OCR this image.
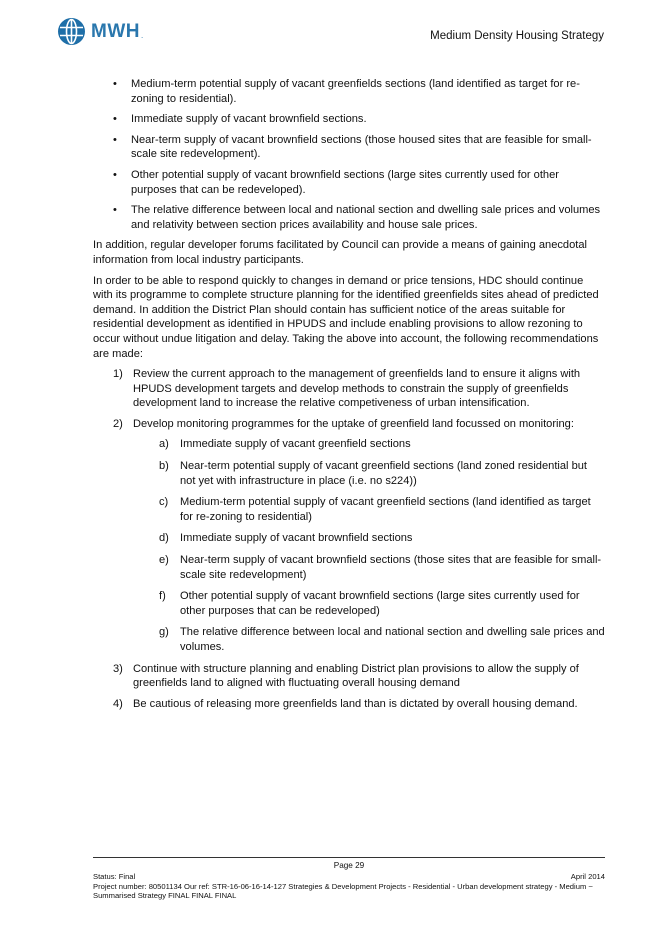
MWH .	Medium Density Housing Strategy
• Medium-term potential supply of vacant greenfields sections (land identified as target for re-zoning to residential).
• Immediate supply of vacant brownfield sections.
• Near-term supply of vacant brownfield sections (those housed sites that are feasible for small-scale site redevelopment).
• Other potential supply of vacant brownfield sections (large sites currently used for other purposes that can be redeveloped).
• The relative difference between local and national section and dwelling sale prices and volumes and relativity between section prices availability and house sale prices.

In addition, regular developer forums facilitated by Council can provide a means of gaining anecdotal information from local industry participants.

In order to be able to respond quickly to changes in demand or price tensions, HDC should continue with its programme to complete structure planning for the identified greenfields sites ahead of predicted demand. In addition the District Plan should contain has sufficient notice of the areas suitable for residential development as identified in HPUDS and include enabling provisions to allow rezoning to occur without undue litigation and delay. Taking the above into account, the following recommendations are made:

1) Review the current approach to the management of greenfields land to ensure it aligns with HPUDS development targets and develop methods to constrain the supply of greenfields development land to increase the relative competiveness of urban intensification.
2) Develop monitoring programmes for the uptake of greenfield land focussed on monitoring:
a) Immediate supply of vacant greenfield sections
b) Near-term potential supply of vacant greenfield sections (land zoned residential but not yet with infrastructure in place (i.e. no s224))
c) Medium-term potential supply of vacant greenfield sections (land identified as target for re-zoning to residential)
d) Immediate supply of vacant brownfield sections
e) Near-term supply of vacant brownfield sections (those sites that are feasible for small-scale site redevelopment)
f) Other potential supply of vacant brownfield sections (large sites currently used for other purposes that can be redeveloped)
g) The relative difference between local and national section and dwelling sale prices and volumes.
3) Continue with structure planning and enabling District plan provisions to allow the supply of greenfields land to aligned with fluctuating overall housing demand
4) Be cautious of releasing more greenfields land than is dictated by overall housing demand.
Page 29
Status: Final	April 2014
Project number: 80501134 Our ref: STR-16-06-16-14-127 Strategies & Development Projects - Residential - Urban development strategy - Medium ~ Summarised Strategy FINAL FINAL FINAL
